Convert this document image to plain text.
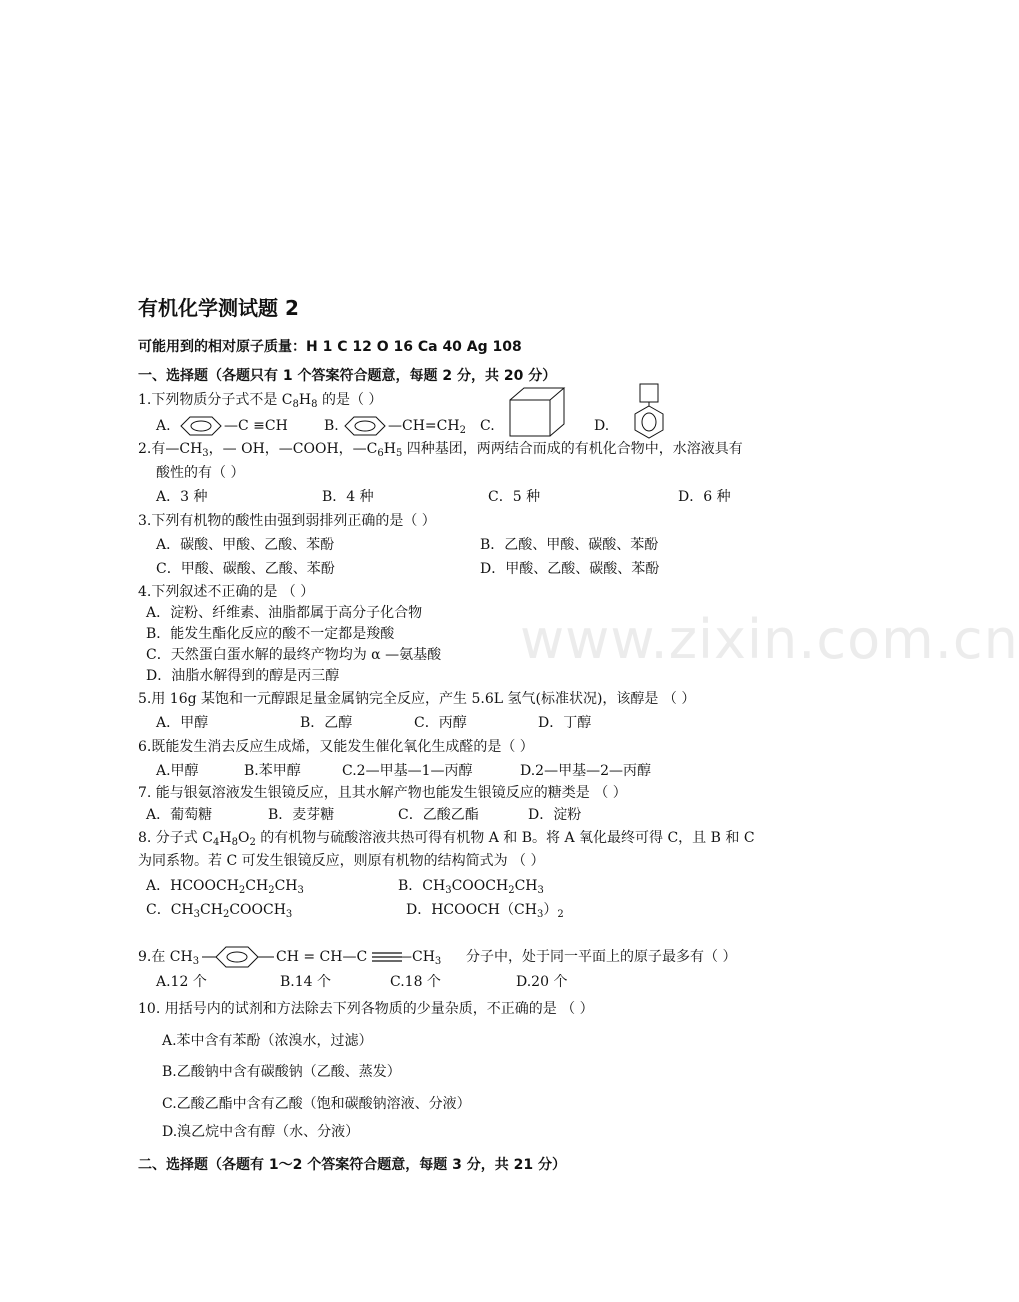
www.zixin.com.cn
有机化学测试题 2
可能用到的相对原子质量：H 1 C 12 O 16 Ca 40 Ag 108
一、选择题（各题只有 1 个答案符合题意，每题 2 分，共 20 分）
1.下列物质分子式不是 $C_8H_8$ 的是（ ）
A.	—C ≡CH	B.	$—CH=CH_2$ C.	D.
2.有$—CH_3$，— OH，—COOH，$—C_6H_5$ 四种基团，两两结合而成的有机化合物中，水溶液具有
酸性的有（ ）
A．3 种	B．4 种	C．5 种	D．6 种
3.下列有机物的酸性由强到弱排列正确的是（ ）
A．碳酸、甲酸、乙酸、苯酚	B．乙酸、甲酸、碳酸、苯酚
C．甲酸、碳酸、乙酸、苯酚	D．甲酸、乙酸、碳酸、苯酚
4.下列叙述不正确的是 （ ）
A．淀粉、纤维素、油脂都属于高分子化合物
B．能发生酯化反应的酸不一定都是羧酸
C．天然蛋白蛋水解的最终产物均为 α —氨基酸
D．油脂水解得到的醇是丙三醇
5.用 16g 某饱和一元醇跟足量金属钠完全反应，产生 5.6L 氢气(标准状况)，该醇是 （ ）
A．甲醇	B．乙醇	C．丙醇	D．丁醇
6.既能发生消去反应生成烯，又能发生催化氧化生成醛的是（ ）
A.甲醇	B.苯甲醇	C.2—甲基—1—丙醇	D.2—甲基—2—丙醇
7. 能与银氨溶液发生银镜反应，且其水解产物也能发生银镜反应的糖类是 （ ）
A．葡萄糖	B．麦芽糖	C．乙酸乙酯	D．淀粉
8. 分子式 $C_4H_8O_2$ 的有机物与硫酸溶液共热可得有机物 A 和 B。将 A 氧化最终可得 C，且 B 和 C
为同系物。若 C 可发生银镜反应，则原有机物的结构简式为 （ ）
A．$HCOOCH_2CH_2CH_3$	B．$CH_3COOCH_2CH_3$
C．$CH_3CH_2COOCH_3$	D．$HCOOCH(CH_3)_2$
9.在 $CH_3$	CH = CH—C $—CH_3$ 分子中，处于同一平面上的原子最多有（ ）
A.12 个	B.14 个	C.18 个	D.20 个
10. 用括号内的试剂和方法除去下列各物质的少量杂质，不正确的是 （ ）
A.苯中含有苯酚（浓溴水，过滤）
B.乙酸钠中含有碳酸钠（乙酸、蒸发）
C.乙酸乙酯中含有乙酸（饱和碳酸钠溶液、分液）
D.溴乙烷中含有醇（水、分液）
二、选择题（各题有 1～2 个答案符合题意，每题 3 分，共 21 分）
